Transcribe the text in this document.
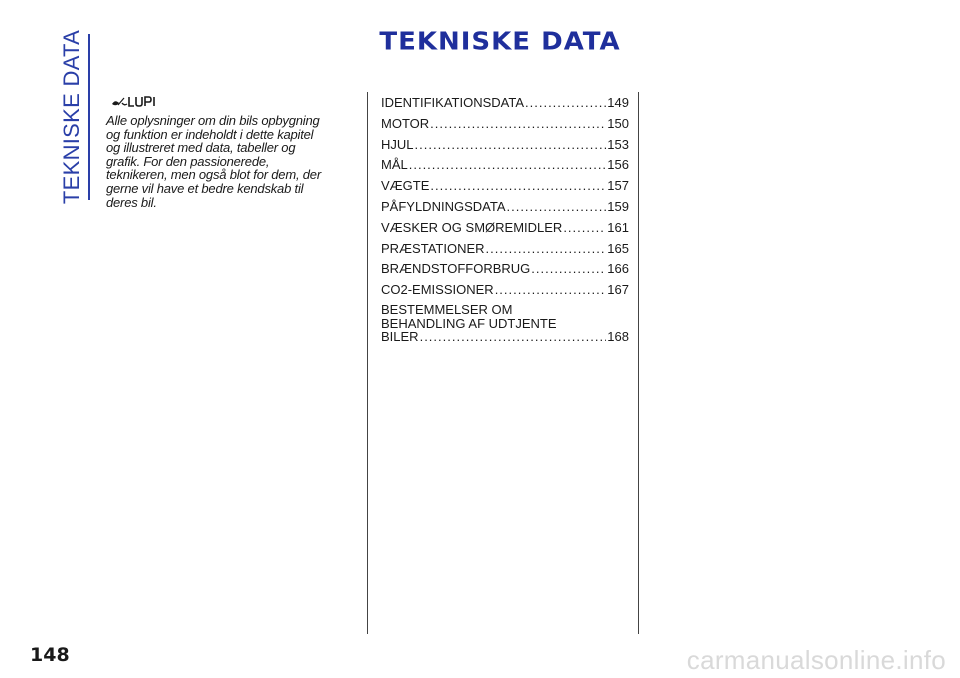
TEKNISKE DATA	TEKNISKE DATA
Alle oplysninger om din bils opbygning
og funktion er indeholdt i dette kapitel
og illustreret med data, tabeller og
grafik. For den passionerede,
teknikeren, men også blot for dem, der
gerne vil have et bedre kendskab til
deres bil.
IDENTIFIKATIONSDATA .....	149
MOTOR .....	150
HJUL .....	153
MÅL .....	156
VÆGTE .....	157
PÅFYLDNINGSDATA .....	159
VÆSKER OG SMØREMIDLER .....	161
PRÆSTATIONER .....	165
BRÆNDSTOFFORBRUG .....	166
CO2-EMISSIONER .....	167
BESTEMMELSER OM
BEHANDLING AF UDTJENTE
BILER .....	168
148	carmanualsonline.info
